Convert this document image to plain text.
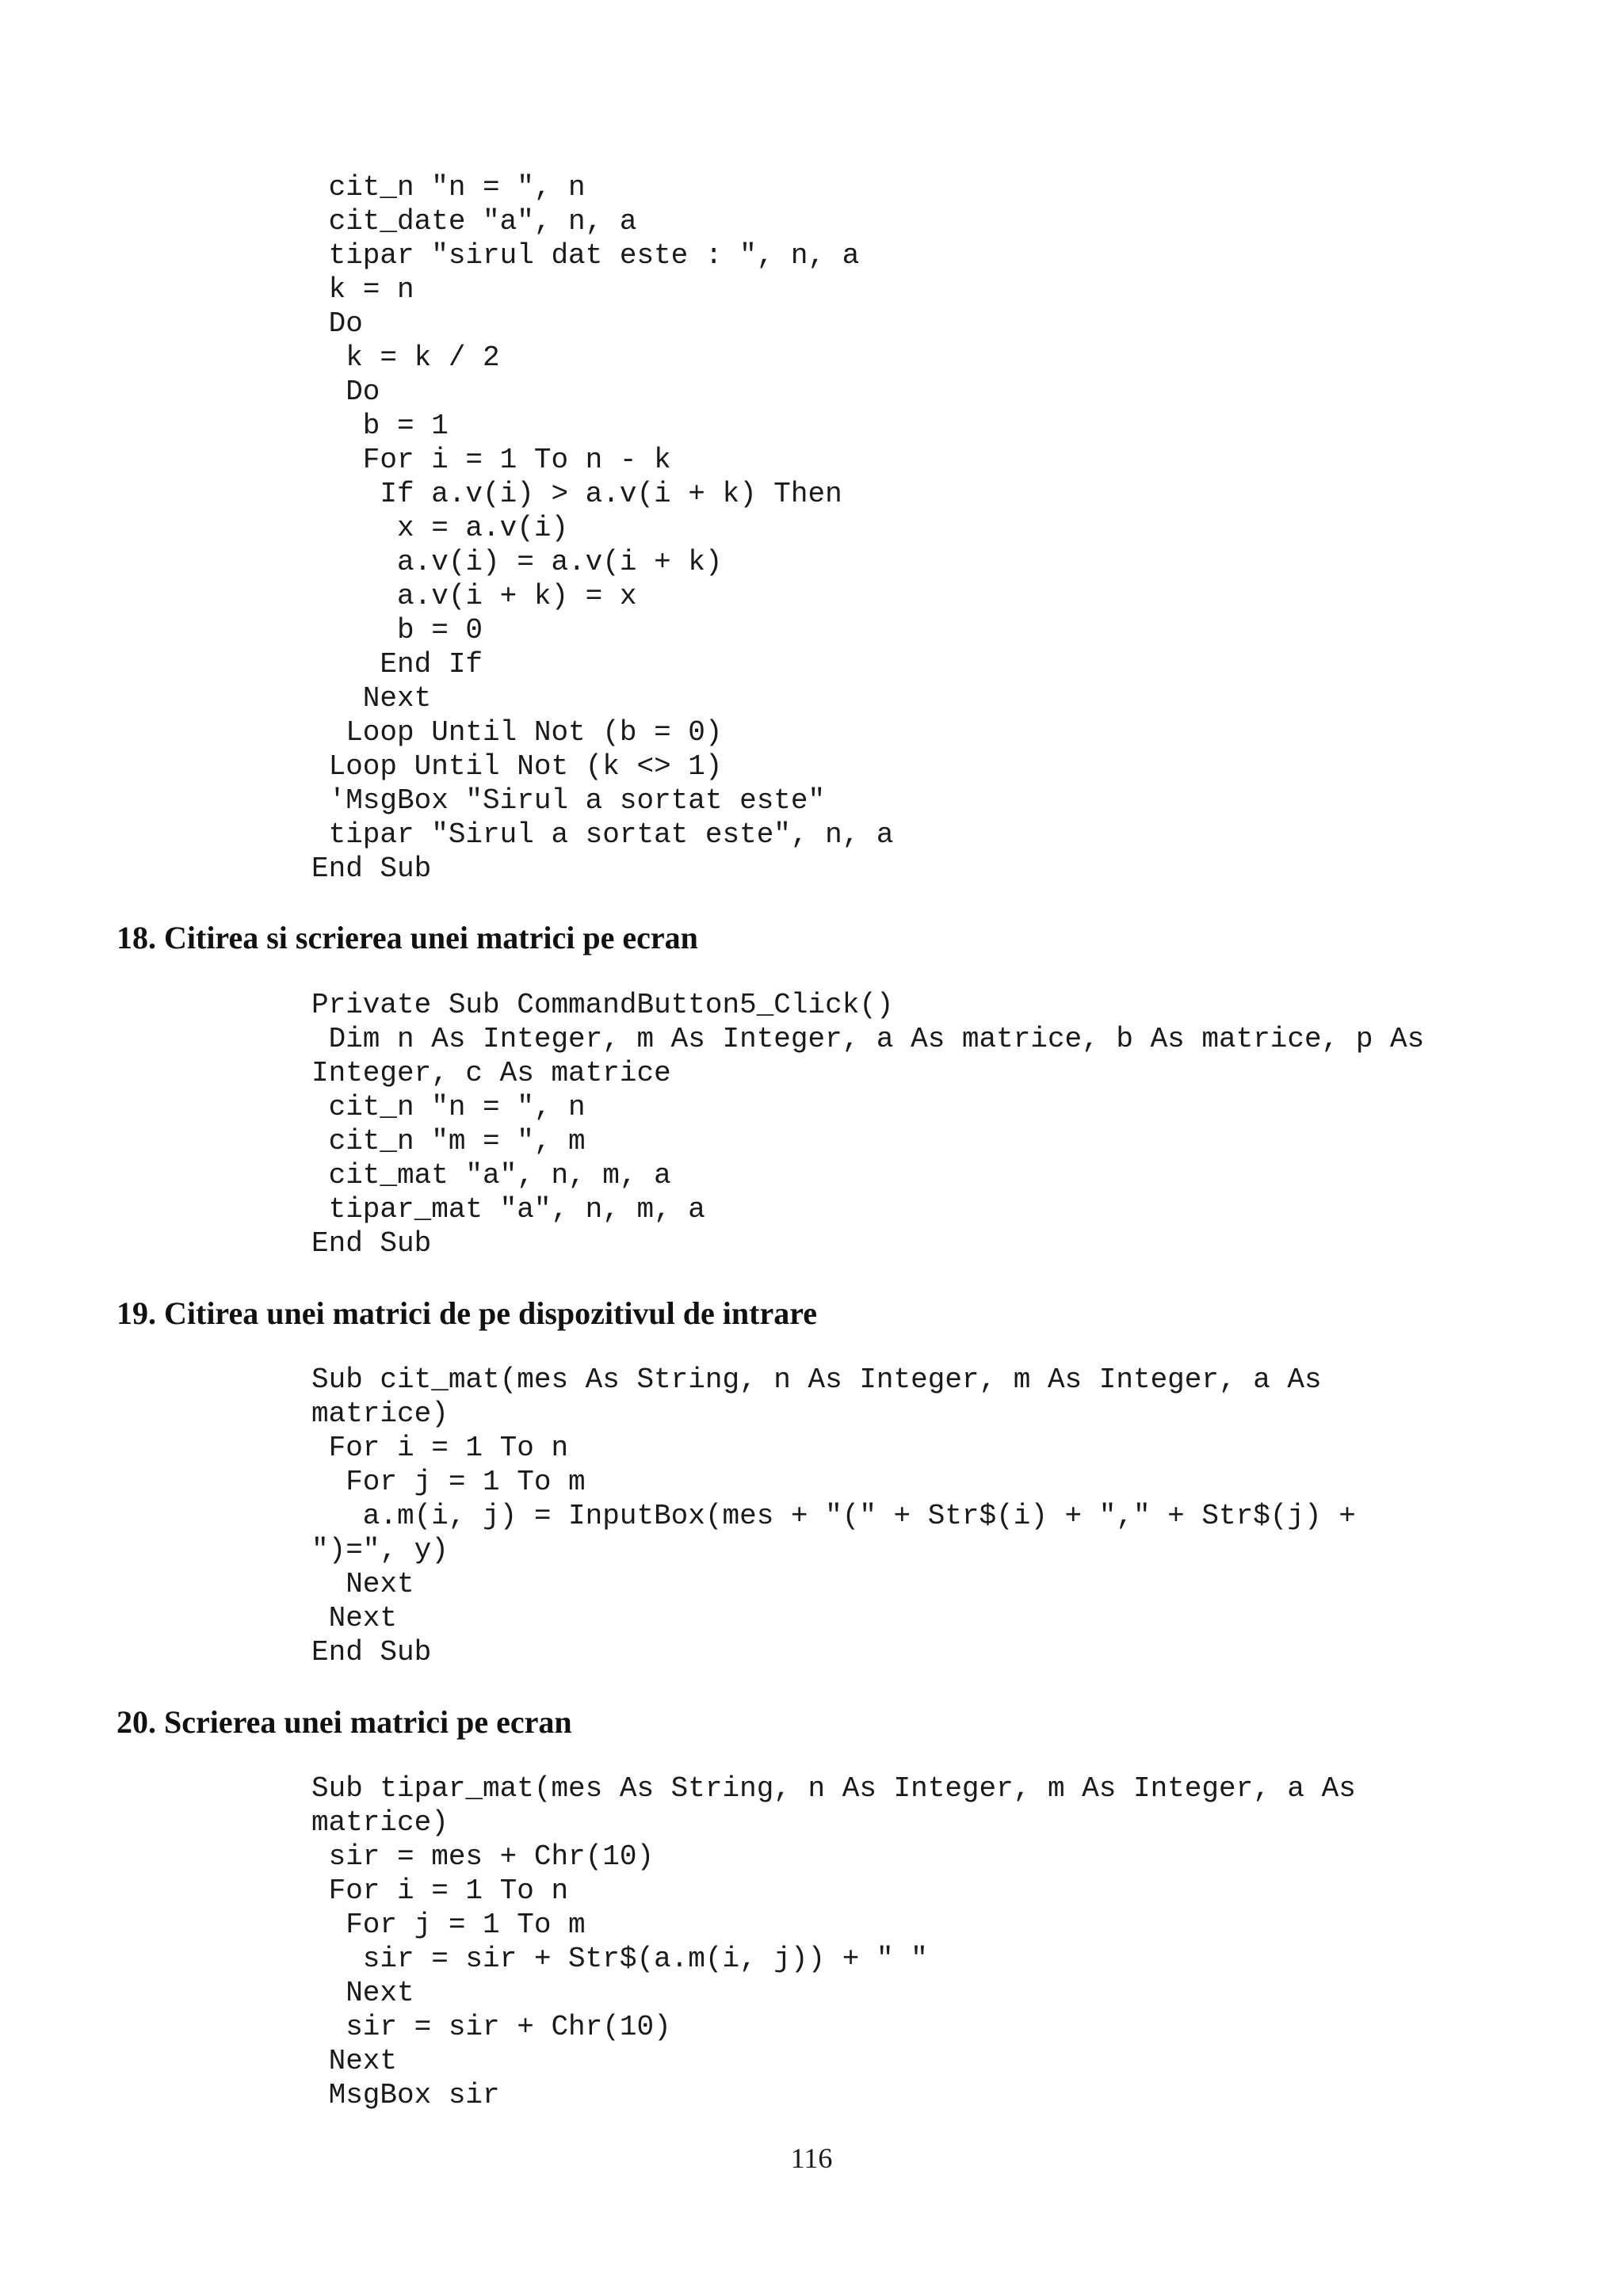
cit_n "n = ", n
cit_date "a", n, a
tipar "sirul dat este : ", n, a
k = n
Do
k = k / 2
Do
b = 1
For i = 1 To n - k
If a.v(i) > a.v(i + k) Then
x = a.v(i)
a.v(i) = a.v(i + k)
a.v(i + k) = x
b = 0
End If
Next
Loop Until Not (b = 0)
Loop Until Not (k <> 1)
'MsgBox "Sirul a sortat este"
tipar "Sirul a sortat este", n, a
End Sub
18. Citirea si scrierea unei matrici pe ecran
Private Sub CommandButton5_Click()
Dim n As Integer, m As Integer, a As matrice, b As matrice, p As
Integer, c As matrice
cit_n "n = ", n
cit_n "m = ", m
cit_mat "a", n, m, a
tipar_mat "a", n, m, a
End Sub
19. Citirea unei matrici de pe dispozitivul de intrare
Sub cit_mat(mes As String, n As Integer, m As Integer, a As
matrice)
For i = 1 To n
For j = 1 To m
a.m(i, j) = InputBox(mes + "(" + Str$(i) + "," + Str$(j) +
")=", y)
Next
Next
End Sub
20. Scrierea unei matrici pe ecran
Sub tipar_mat(mes As String, n As Integer, m As Integer, a As
matrice)
sir = mes + Chr(10)
For i = 1 To n
For j = 1 To m
sir = sir + Str$(a.m(i, j)) + " "
Next
sir = sir + Chr(10)
Next
MsgBox sir
116
